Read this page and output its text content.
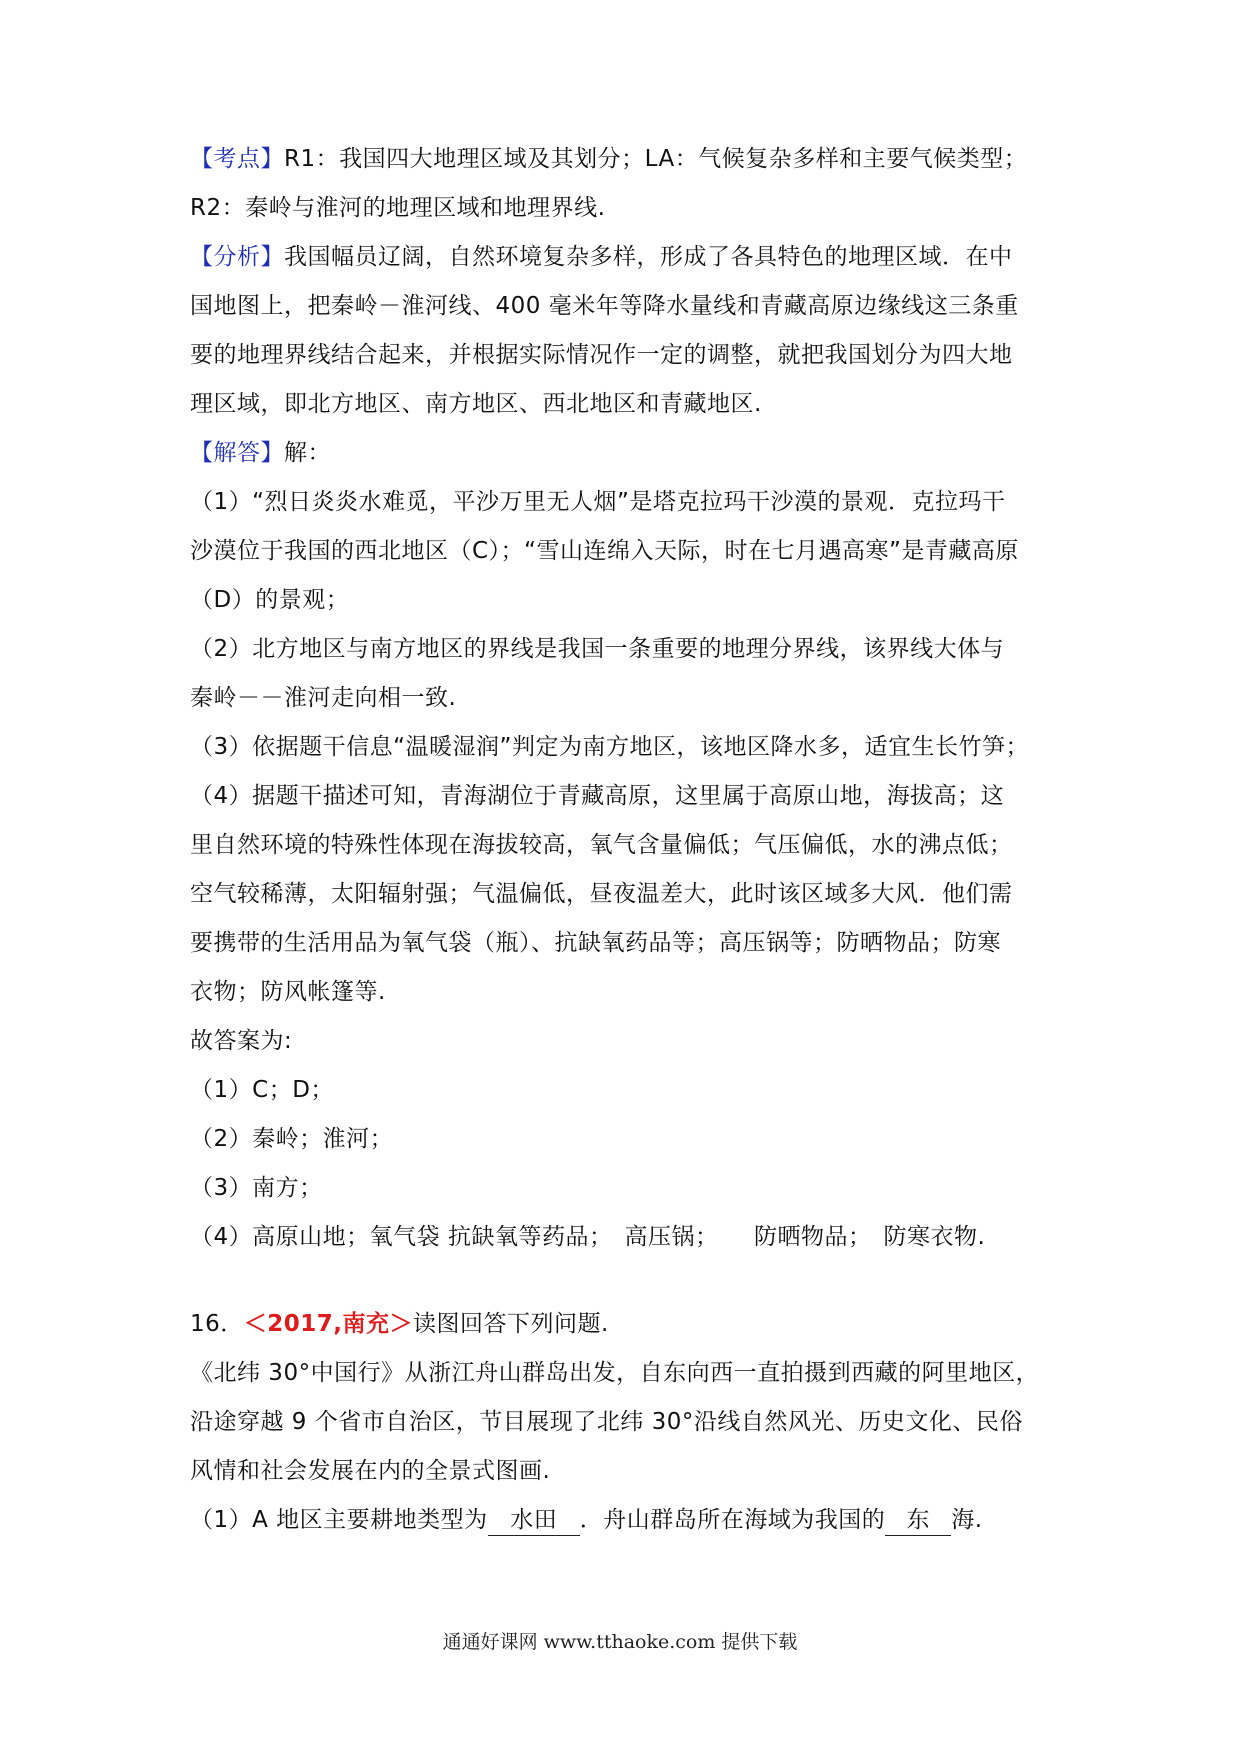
【考点】R1：我国四大地理区域及其划分；LA：气候复杂多样和主要气候类型；
R2：秦岭与淮河的地理区域和地理界线.
【分析】我国幅员辽阔，自然环境复杂多样，形成了各具特色的地理区域．在中
国地图上，把秦岭－淮河线、400 毫米年等降水量线和青藏高原边缘线这三条重
要的地理界线结合起来，并根据实际情况作一定的调整，就把我国划分为四大地
理区域，即北方地区、南方地区、西北地区和青藏地区.
【解答】解：
（1）“烈日炎炎水难觅，平沙万里无人烟”是塔克拉玛干沙漠的景观．克拉玛干
沙漠位于我国的西北地区（C）；“雪山连绵入天际，时在七月遇高寒”是青藏高原
（D）的景观；
（2）北方地区与南方地区的界线是我国一条重要的地理分界线，该界线大体与
秦岭－－淮河走向相一致.
（3）依据题干信息“温暖湿润”判定为南方地区，该地区降水多，适宜生长竹笋；
（4）据题干描述可知，青海湖位于青藏高原，这里属于高原山地，海拔高；这
里自然环境的特殊性体现在海拔较高，氧气含量偏低；气压偏低，水的沸点低；
空气较稀薄，太阳辐射强；气温偏低，昼夜温差大，此时该区域多大风．他们需
要携带的生活用品为氧气袋（瓶）、抗缺氧药品等；高压锅等；防晒物品；防寒
衣物；防风帐篷等.
故答案为:
（1）C；D；
（2）秦岭；淮河；
（3）南方；
（4）高原山地；氧气袋 抗缺氧等药品；　高压锅；　　防晒物品；　防寒衣物.
16．＜2017,南充＞读图回答下列问题.
《北纬 30°中国行》从浙江舟山群岛出发，自东向西一直拍摄到西藏的阿里地区，
沿途穿越 9 个省市自治区，节目展现了北纬 30°沿线自然风光、历史文化、民俗
风情和社会发展在内的全景式图画.
（1）A 地区主要耕地类型为 水田 ．舟山群岛所在海域为我国的 东 海.
通通好课网 www.tthaoke.com 提供下载
